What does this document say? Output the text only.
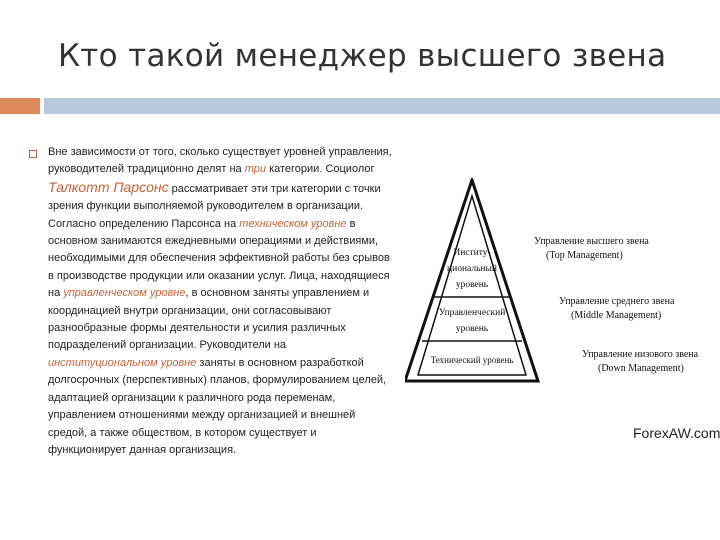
Кто такой менеджер высшего звена
Вне зависимости от того, сколько существует уровней управления, руководителей традиционно делят на три категории. Социолог Талкотт Парсонс рассматривает эти три категории с точки зрения функции выполняемой руководителем в организации. Согласно определению Парсонса на техническом уровне в основном занимаются ежедневными операциями и действиями, необходимыми для обеспечения эффективной работы без срывов в производстве продукции или оказании услуг. Лица, находящиеся на управленческом уровне, в основном заняты управлением и координацией внутри организации, они согласовывают разнообразные формы деятельности и усилия различных подразделений организации. Руководители на институциональном уровне заняты в основном разработкой долгосрочных (перспективных) планов, формулированием целей, адаптацией организации к различного рода переменам, управлением отношениями между организацией и внешней средой, а также обществом, в котором существует и функционирует данная организация.
Институ-
циональный
уровень
Управленческий
уровень
Технический уровень
Управление высшего звена
(Top Management)
Управление среднего звена
(Middle Management)
Управление низового звена
(Down Management)
ForexAW.com
